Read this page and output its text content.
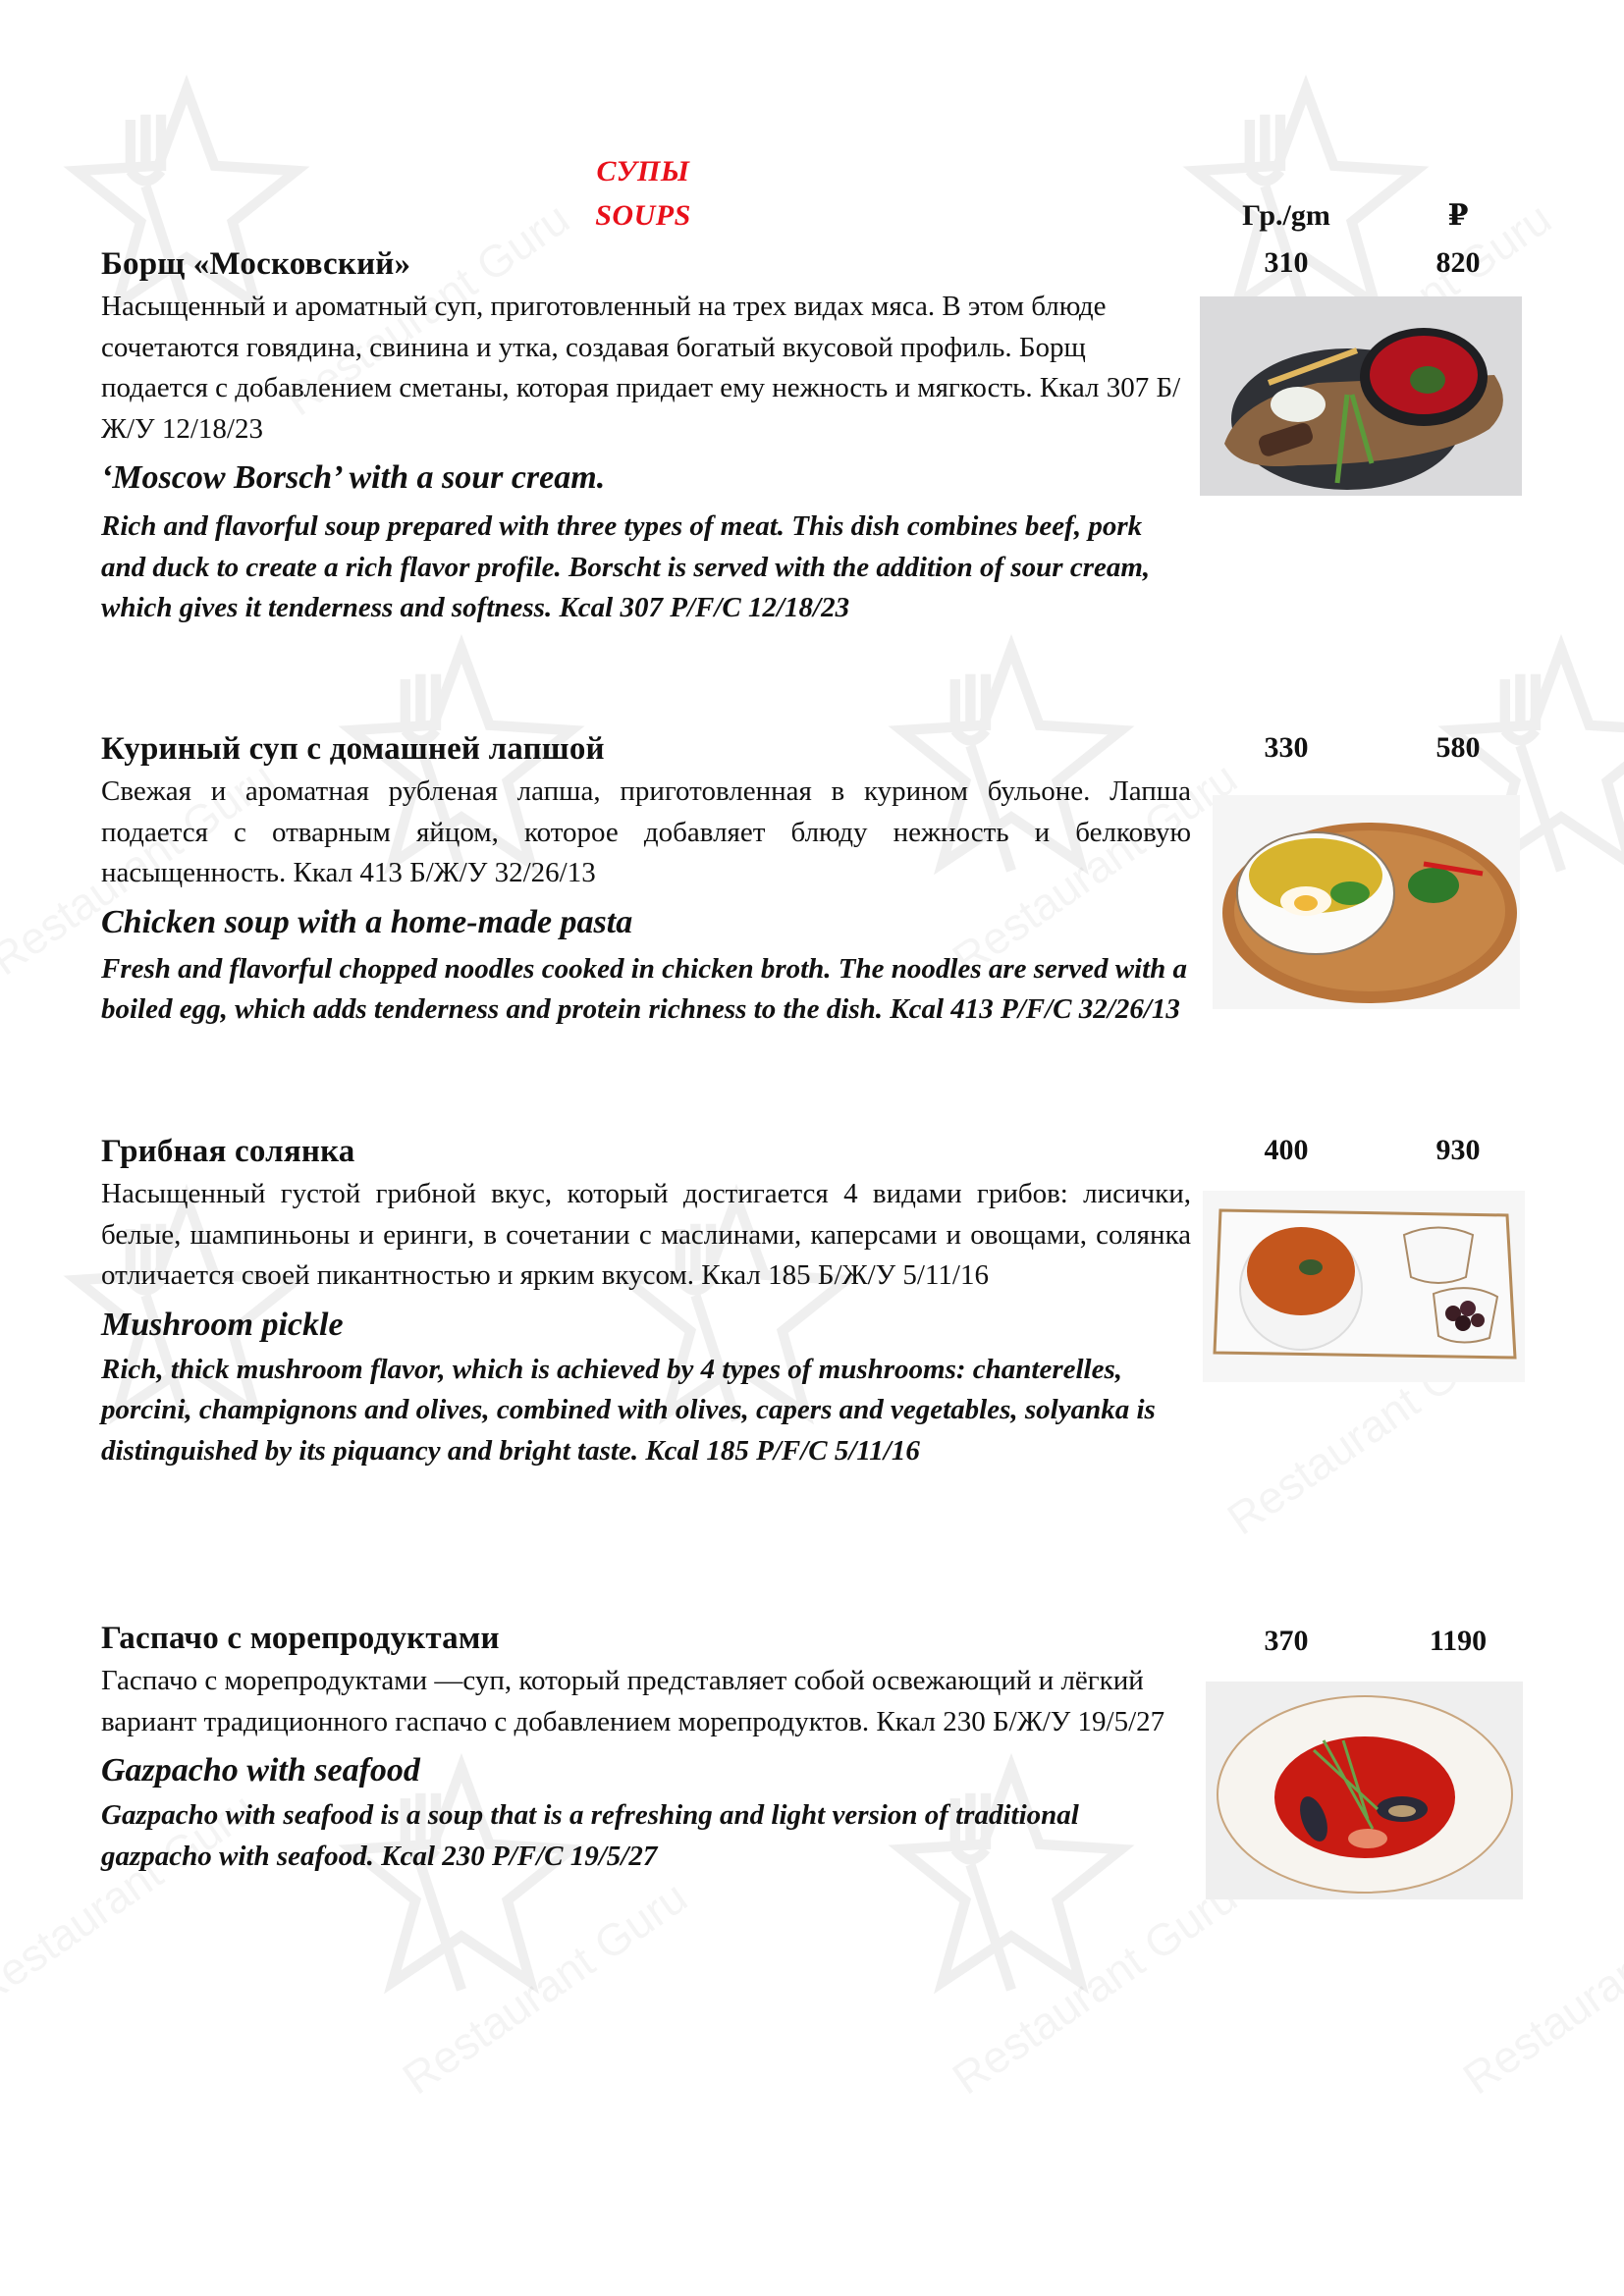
СУПЫ
SOUPS	Гр./gm	₽

Борщ «Московский»

Насыщенный и ароматный суп, приготовленный на трех видах мяса. В этом блюде сочетаются говядина, свинина и утка, создавая богатый вкусовой профиль. Борщ подается с добавлением сметаны, которая придает ему нежность и мягкость. Ккал 307 Б/Ж/У 12/18/23

‘Moscow Borsch’ with a sour cream.

Rich and flavorful soup prepared with three types of meat. This dish combines beef, pork and duck to create a rich flavor profile. Borscht is served with the addition of sour cream, which gives it tenderness and softness. Kcal 307 P/F/C 12/18/23

310	820

Куриный суп с домашней лапшой

Свежая и ароматная рубленая лапша, приготовленная в курином бульоне. Лапша подается с отварным яйцом, которое добавляет блюду нежность и белковую насыщенность. Ккал 413 Б/Ж/У 32/26/13

Chicken soup with a home-made pasta

Fresh and flavorful chopped noodles cooked in chicken broth. The noodles are served with a boiled egg, which adds tenderness and protein richness to the dish. Kcal 413 P/F/C 32/26/13

330	580

Грибная солянка

Насыщенный густой грибной вкус, который достигается 4 видами грибов: лисички, белые, шампиньоны и еринги, в сочетании с маслинами, каперсами и овощами, солянка отличается своей пикантностью и ярким вкусом. Ккал 185 Б/Ж/У 5/11/16

Mushroom pickle

Rich, thick mushroom flavor, which is achieved by 4 types of mushrooms: chanterelles, porcini, champignons and olives, combined with olives, capers and vegetables, solyanka is distinguished by its piquancy and bright taste. Kcal 185 P/F/C 5/11/16

400	930

Гаспачо с морепродуктами

Гаспачо с морепродуктами —суп, который представляет собой освежающий и лёгкий вариант традиционного гаспачо с добавлением морепродуктов. Ккал 230 Б/Ж/У 19/5/27

Gazpacho with seafood

Gazpacho with seafood is a soup that is a refreshing and light version of traditional gazpacho with seafood. Kcal 230 P/F/C 19/5/27

370	1190
